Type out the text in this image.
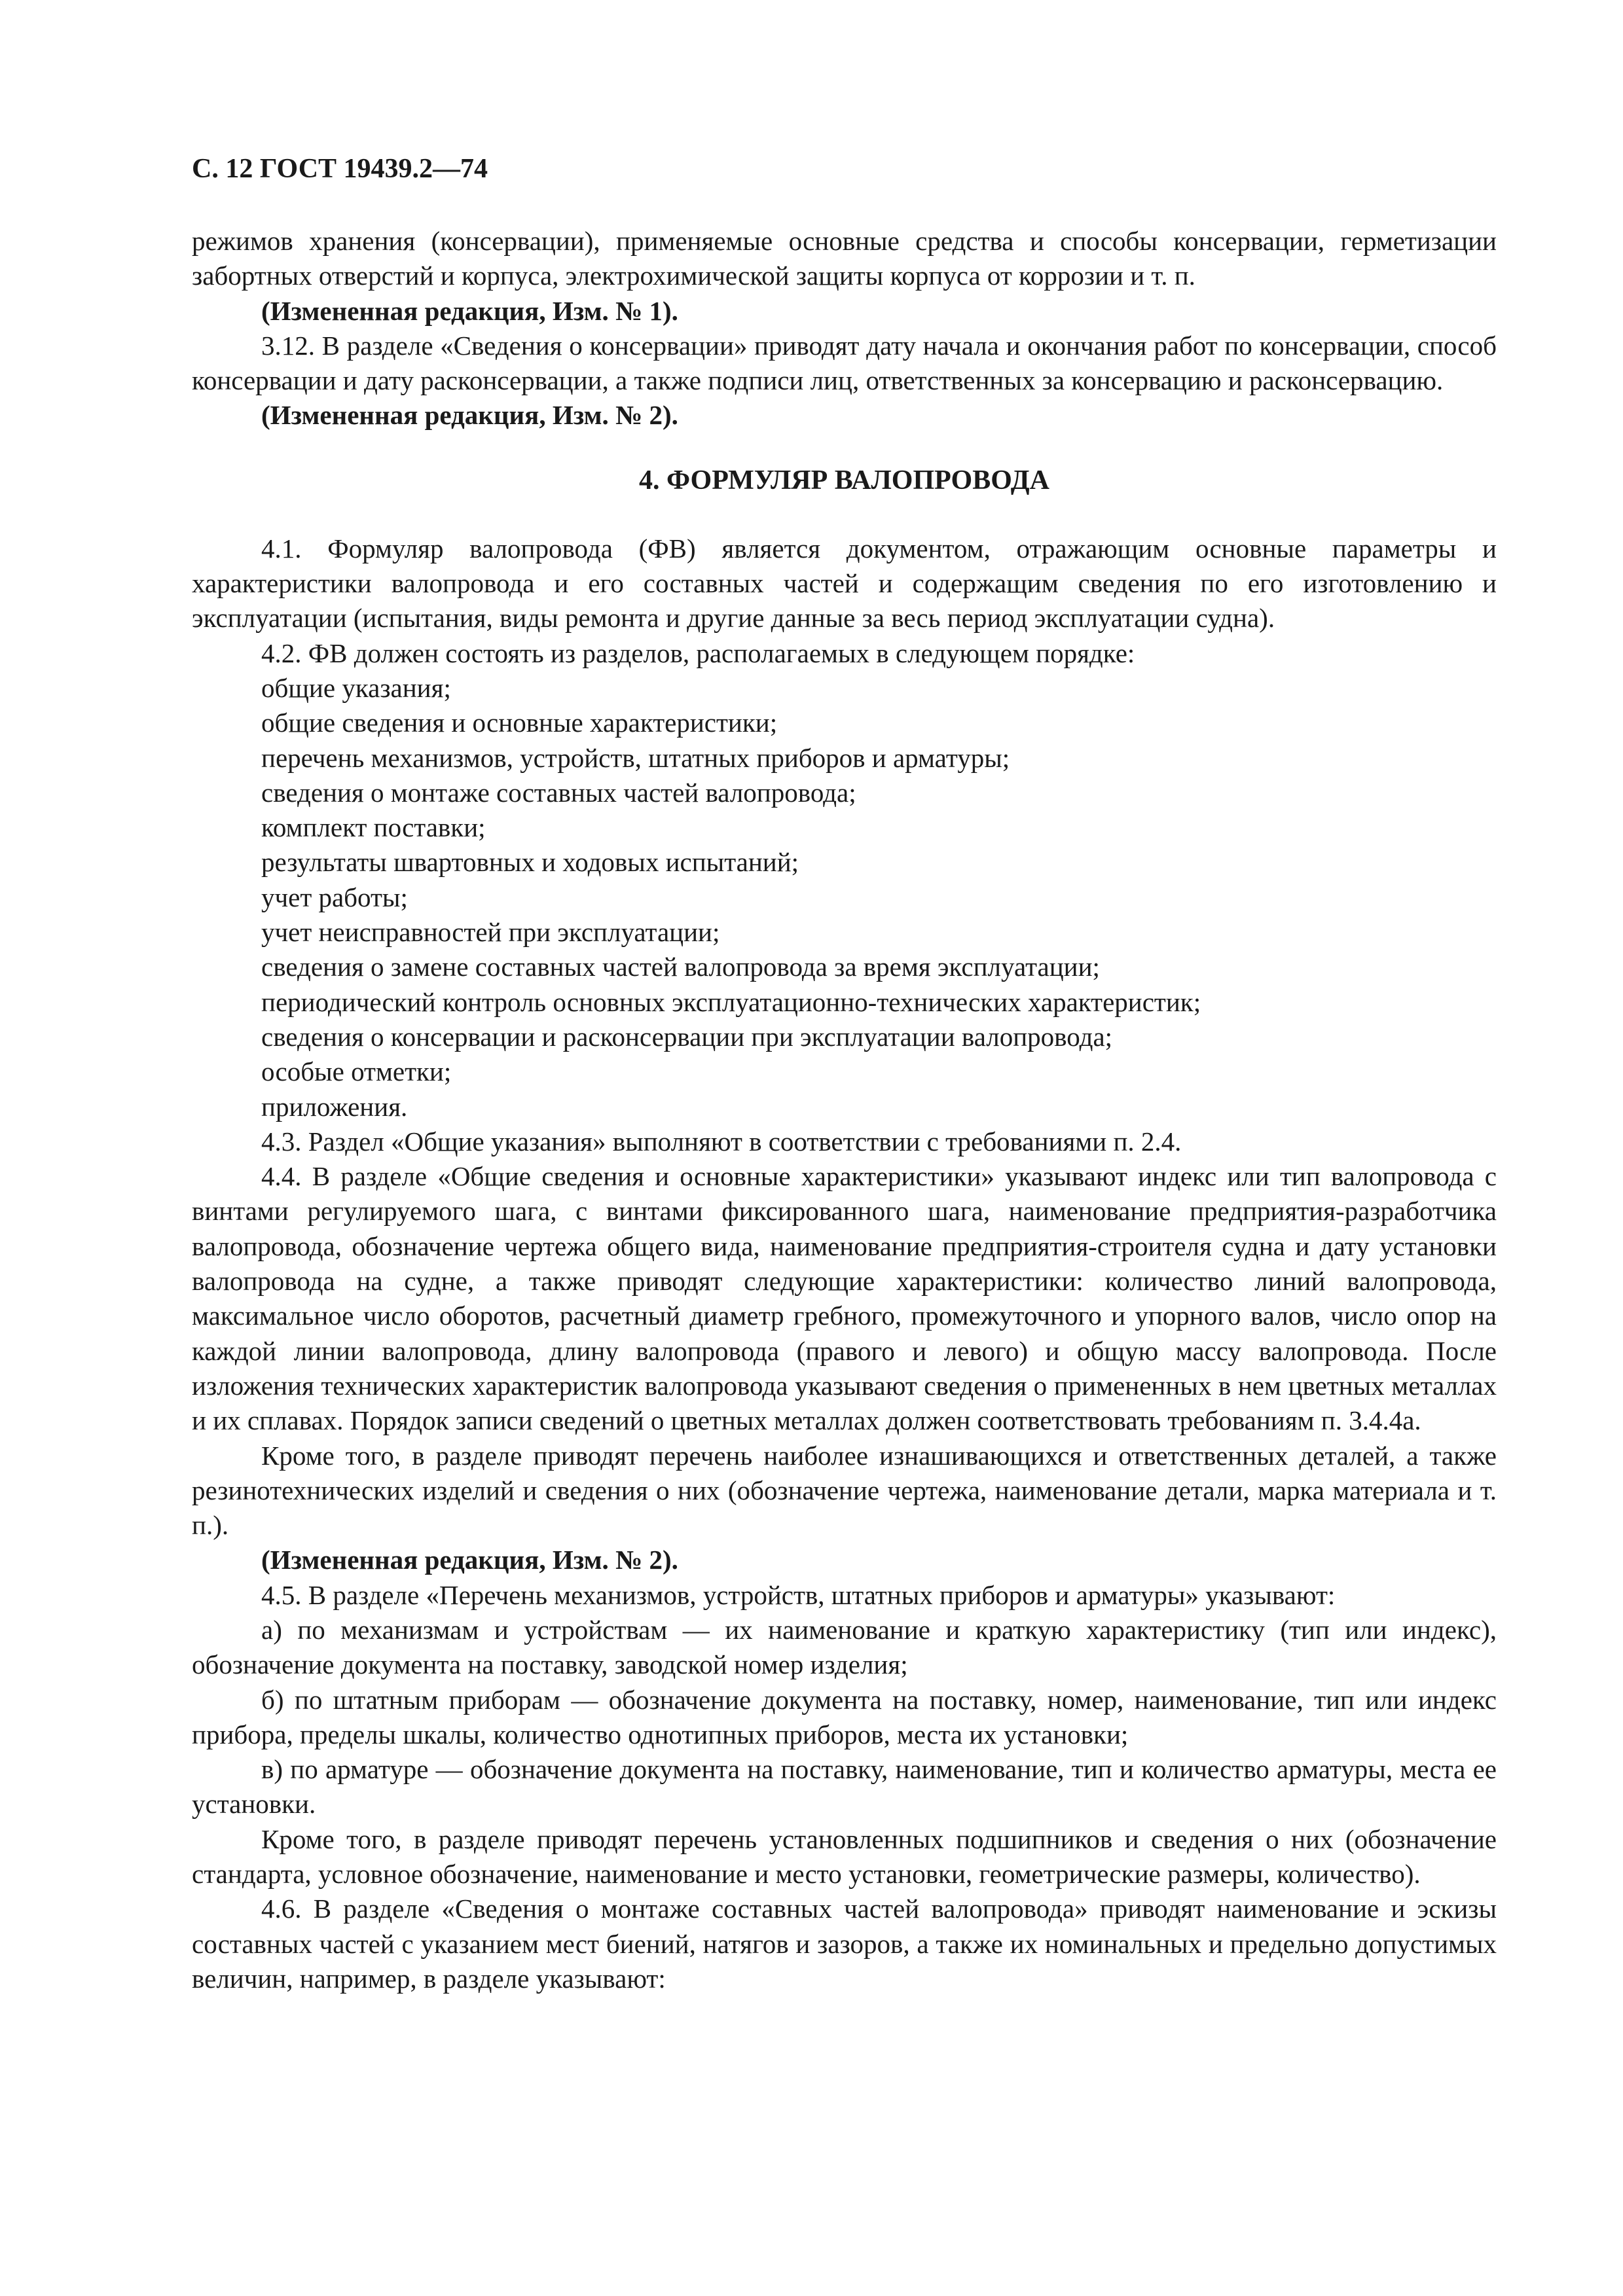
С. 12 ГОСТ 19439.2—74

режимов хранения (консервации), применяемые основные средства и способы консервации, герметизации забортных отверстий и корпуса, электрохимической защиты корпуса от коррозии и т. п.

(Измененная редакция, Изм. № 1).

3.12. В разделе «Сведения о консервации» приводят дату начала и окончания работ по консервации, способ консервации и дату расконсервации, а также подписи лиц, ответственных за консервацию и расконсервацию.

(Измененная редакция, Изм. № 2).

4. ФОРМУЛЯР ВАЛОПРОВОДА

4.1. Формуляр валопровода (ФВ) является документом, отражающим основные параметры и характеристики валопровода и его составных частей и содержащим сведения по его изготовлению и эксплуатации (испытания, виды ремонта и другие данные за весь период эксплуатации судна).

4.2. ФВ должен состоять из разделов, располагаемых в следующем порядке:

общие указания;

общие сведения и основные характеристики;

перечень механизмов, устройств, штатных приборов и арматуры;

сведения о монтаже составных частей валопровода;

комплект поставки;

результаты швартовных и ходовых испытаний;

учет работы;

учет неисправностей при эксплуатации;

сведения о замене составных частей валопровода за время эксплуатации;

периодический контроль основных эксплуатационно-технических характеристик;

сведения о консервации и расконсервации при эксплуатации валопровода;

особые отметки;

приложения.

4.3. Раздел «Общие указания» выполняют в соответствии с требованиями п. 2.4.

4.4. В разделе «Общие сведения и основные характеристики» указывают индекс или тип валопровода с винтами регулируемого шага, с винтами фиксированного шага, наименование предприятия-разработчика валопровода, обозначение чертежа общего вида, наименование предприятия-строителя судна и дату установки валопровода на судне, а также приводят следующие характеристики: количество линий валопровода, максимальное число оборотов, расчетный диаметр гребного, промежуточного и упорного валов, число опор на каждой линии валопровода, длину валопровода (правого и левого) и общую массу валопровода. После изложения технических характеристик валопровода указывают сведения о примененных в нем цветных металлах и их сплавах. Порядок записи сведений о цветных металлах должен соответствовать требованиям п. 3.4.4а.

Кроме того, в разделе приводят перечень наиболее изнашивающихся и ответственных деталей, а также резинотехнических изделий и сведения о них (обозначение чертежа, наименование детали, марка материала и т. п.).

(Измененная редакция, Изм. № 2).

4.5. В разделе «Перечень механизмов, устройств, штатных приборов и арматуры» указывают:

а) по механизмам и устройствам — их наименование и краткую характеристику (тип или индекс), обозначение документа на поставку, заводской номер изделия;

б) по штатным приборам — обозначение документа на поставку, номер, наименование, тип или индекс прибора, пределы шкалы, количество однотипных приборов, места их установки;

в) по арматуре — обозначение документа на поставку, наименование, тип и количество арматуры, места ее установки.

Кроме того, в разделе приводят перечень установленных подшипников и сведения о них (обозначение стандарта, условное обозначение, наименование и место установки, геометрические размеры, количество).

4.6. В разделе «Сведения о монтаже составных частей валопровода» приводят наименование и эскизы составных частей с указанием мест биений, натягов и зазоров, а также их номинальных и предельно допустимых величин, например, в разделе указывают:
